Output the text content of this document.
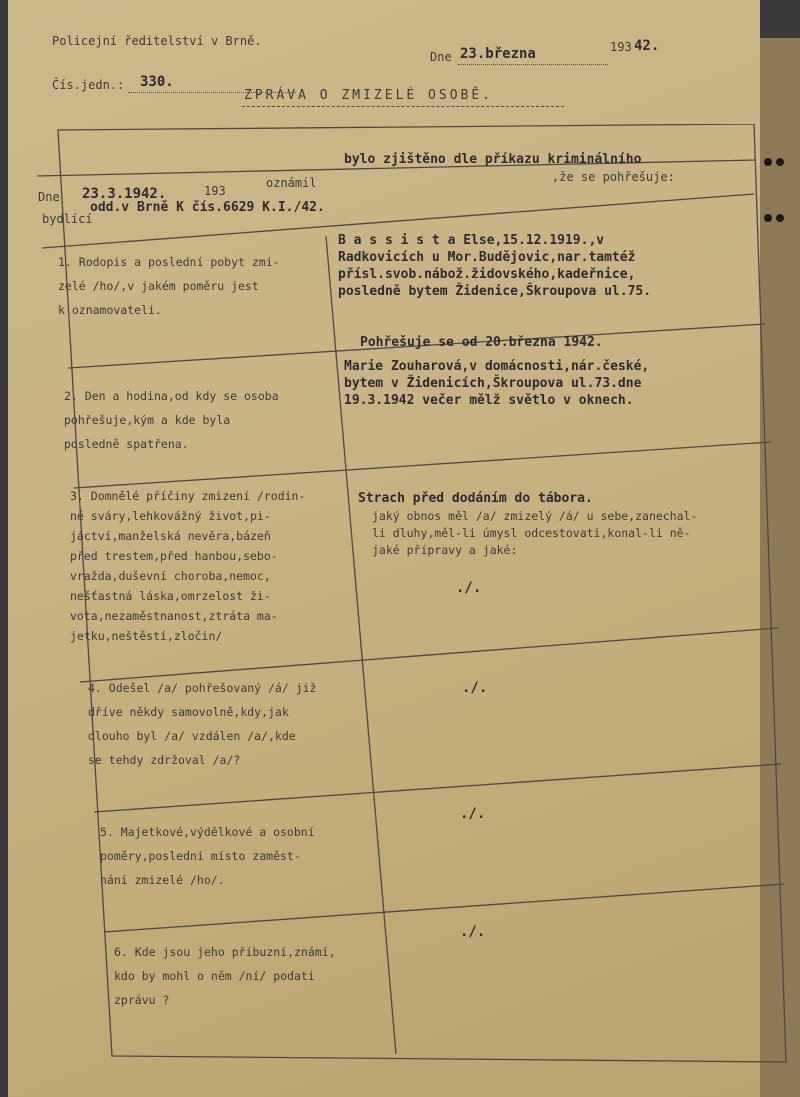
Policejní ředitelství v Brně.
Čís.jedn.: 330.
Dne 23.března	193 42.
ZPRÁVA O ZMIZELÉ OSOBĚ.
Dne 23.3.1942.	193
oznámil
bylo zjištěno dle příkazu kriminálního
,že se pohřešuje:
bydlící
odd.v Brně K čís.6629 K.I./42.
1. Rodopis a poslední pobyt zmi-
zelé /ho/,v jakém poměru jest
k oznamovateli.
B a s s i s t a Else,15.12.1919.,v
Radkovicích u Mor.Budějovic,nar.tamtéž
přísl.svob.nábož.židovského,kadeřnice,
posledně bytem Židenice,Škroupova ul.75.
2. Den a hodina,od kdy se osoba
pohřešuje,kým a kde byla
posledně spatřena.
Pohřešuje se od 20.března 1942.
Marie Zouharová,v domácnosti,nár.české,
bytem v Židenicích,Škroupova ul.73.dne
19.3.1942 večer mělž světlo v oknech.
3. Domnělé příčiny zmizení /rodin-
né sváry,lehkovážný život,pi-
jáctví,manželská nevěra,bázeň
před trestem,před hanbou,sebo-
vražda,duševní choroba,nemoc,
nešťastná láska,omrzelost ži-
vota,nezaměstnanost,ztráta ma-
jetku,neštěstí,zločin/
Strach před dodáním do tábora.
jaký obnos měl /a/ zmizelý /á/ u sebe,zanechal-
li dluhy,měl-li úmysl odcestovati,konal-li ně-
jaké přípravy a jaké:
./.
4. Odešel /a/ pohřešovaný /á/ již
dříve někdy samovolně,kdy,jak
dlouho byl /a/ vzdálen /a/,kde
se tehdy zdržoval /a/?
./.
5. Majetkové,výdělkové a osobní
poměry,poslední místo zaměst-
nání zmizelé /ho/.
./.
6. Kde jsou jeho příbuzní,známí,
kdo by mohl o něm /ní/ podati
zprávu ?
./.
